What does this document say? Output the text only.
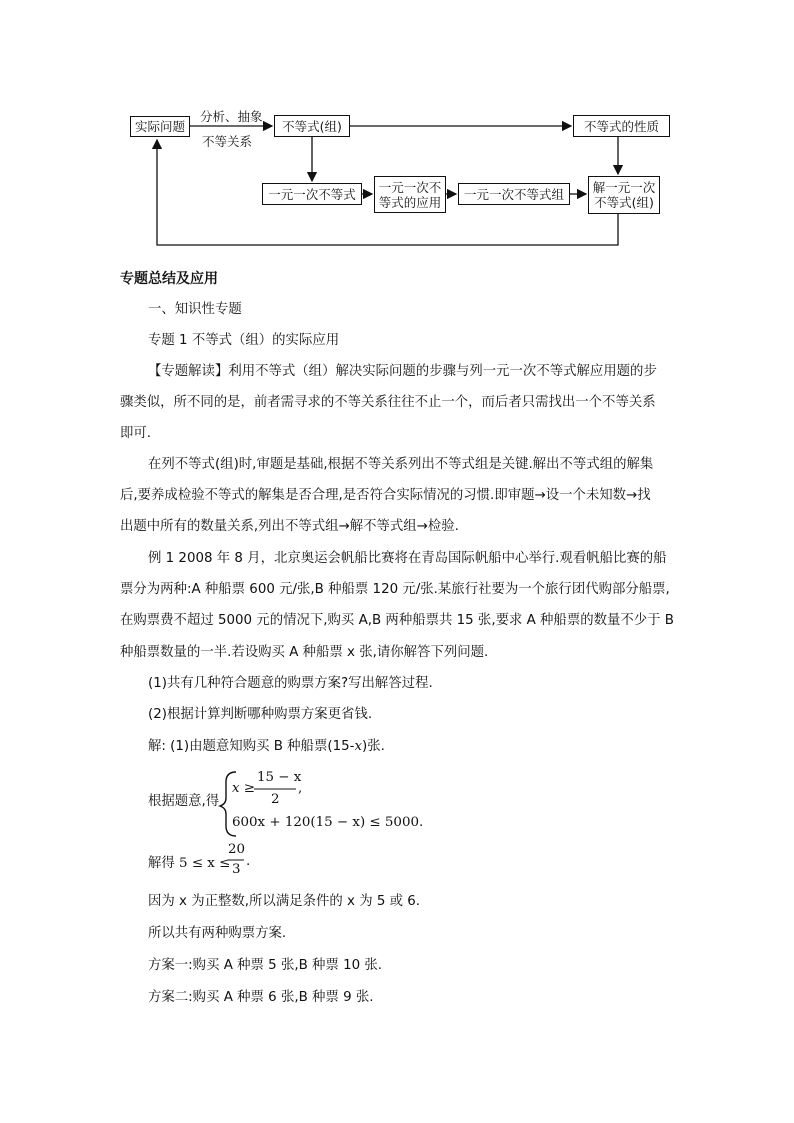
实际问题
分析、抽象
不等关系
不等式(组)	不等式的性质
一元一次不等式	一元一次不
等式的应用
一元一次不等式组	解一元一次
不等式(组)
专题总结及应用
一、知识性专题
专题 1 不等式（组）的实际应用
【专题解读】利用不等式（组）解决实际问题的步骤与列一元一次不等式解应用题的步
骤类似，所不同的是，前者需寻求的不等关系往往不止一个，而后者只需找出一个不等关系
即可.
在列不等式(组)时,审题是基础,根据不等关系列出不等式组是关键.解出不等式组的解集
后,要养成检验不等式的解集是否合理,是否符合实际情况的习惯.即审题→设一个未知数→找
出题中所有的数量关系,列出不等式组→解不等式组→检验.
例 1 2008 年 8 月，北京奥运会帆船比赛将在青岛国际帆船中心举行.观看帆船比赛的船
票分为两种:A 种船票 600 元/张,B 种船票 120 元/张.某旅行社要为一个旅行团代购部分船票,
在购票费不超过 5000 元的情况下,购买 A,B 两种船票共 15 张,要求 A 种船票的数量不少于 B
种船票数量的一半.若设购买 A 种船票 x 张,请你解答下列问题.
(1)共有几种符合题意的购票方案?写出解答过程.
(2)根据计算判断哪种购票方案更省钱.
解: (1)由题意知购买 B 种船票(15-x)张.
根据题意,得
x ≥
15 − x
2
,
600x + 120(15 − x) ≤ 5000.
解得 5 ≤ x ≤
20
3
.
因为 x 为正整数,所以满足条件的 x 为 5 或 6.
所以共有两种购票方案.
方案一:购买 A 种票 5 张,B 种票 10 张.
方案二:购买 A 种票 6 张,B 种票 9 张.
